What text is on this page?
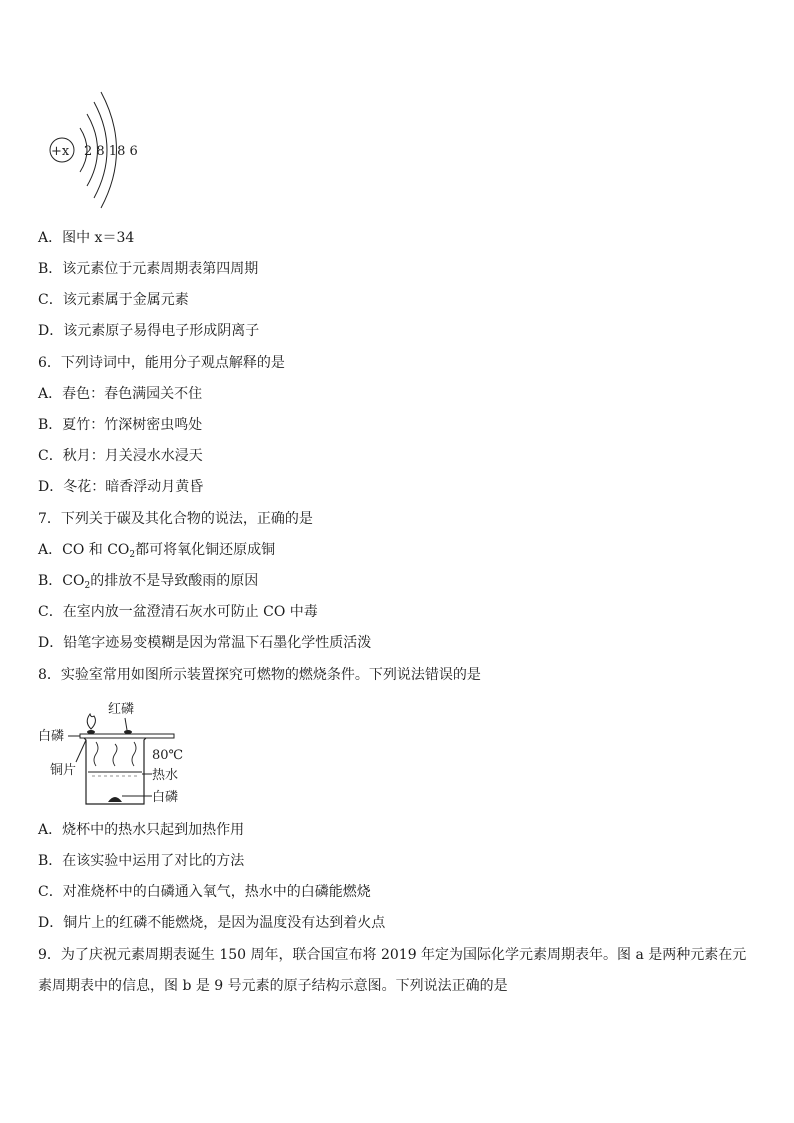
+x 2 8 18 6
A．图中 x＝34
B．该元素位于元素周期表第四周期
C．该元素属于金属元素
D．该元素原子易得电子形成阴离子
6．下列诗词中，能用分子观点解释的是
A．春色：春色满园关不住
B．夏竹：竹深树密虫鸣处
C．秋月：月关浸水水浸天
D．冬花：暗香浮动月黄昏
7．下列关于碳及其化合物的说法，正确的是
A．CO 和 $CO_2$都可将氧化铜还原成铜
B．$CO_2$的排放不是导致酸雨的原因
C．在室内放一盆澄清石灰水可防止 CO 中毒
D．铅笔字迹易变模糊是因为常温下石墨化学性质活泼
8．实验室常用如图所示装置探究可燃物的燃烧条件。下列说法错误的是
红磷
白磷
80℃
热水
白磷
铜片
A．烧杯中的热水只起到加热作用
B．在该实验中运用了对比的方法
C．对准烧杯中的白磷通入氧气，热水中的白磷能燃烧
D．铜片上的红磷不能燃烧，是因为温度没有达到着火点
9．为了庆祝元素周期表诞生 150 周年，联合国宣布将 2019 年定为国际化学元素周期表年。图 a 是两种元素在元素周期表中的信息，图 b 是 9 号元素的原子结构示意图。下列说法正确的是
